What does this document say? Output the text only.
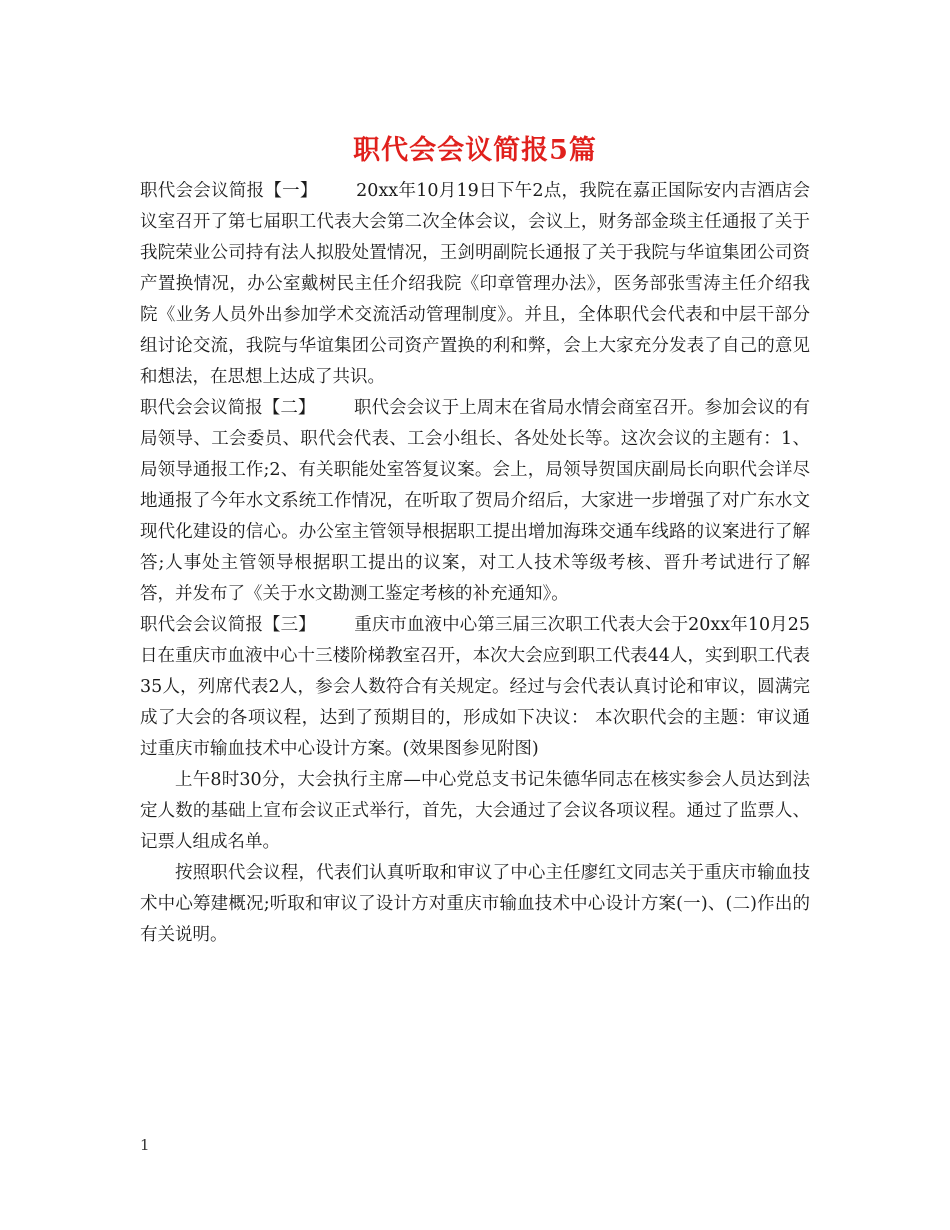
职代会会议简报5篇

职代会会议简报【一】 20xx年10月19日下午2点，我院在嘉正国际安内吉酒店会议室召开了第七届职工代表大会第二次全体会议，会议上，财务部金琰主任通报了关于我院荣业公司持有法人拟股处置情况，王剑明副院长通报了关于我院与华谊集团公司资产置换情况，办公室戴树民主任介绍我院《印章管理办法》，医务部张雪涛主任介绍我院《业务人员外出参加学术交流活动管理制度》。并且，全体职代会代表和中层干部分组讨论交流，我院与华谊集团公司资产置换的利和弊，会上大家充分发表了自己的意见和想法，在思想上达成了共识。

职代会会议简报【二】 职代会会议于上周末在省局水情会商室召开。参加会议的有局领导、工会委员、职代会代表、工会小组长、各处处长等。这次会议的主题有：1、局领导通报工作;2、有关职能处室答复议案。会上，局领导贺国庆副局长向职代会详尽地通报了今年水文系统工作情况，在听取了贺局介绍后，大家进一步增强了对广东水文现代化建设的信心。办公室主管领导根据职工提出增加海珠交通车线路的议案进行了解答;人事处主管领导根据职工提出的议案，对工人技术等级考核、晋升考试进行了解答，并发布了《关于水文勘测工鉴定考核的补充通知》。

职代会会议简报【三】 重庆市血液中心第三届三次职工代表大会于20xx年10月25日在重庆市血液中心十三楼阶梯教室召开，本次大会应到职工代表44人，实到职工代表35人，列席代表2人，参会人数符合有关规定。经过与会代表认真讨论和审议，圆满完成了大会的各项议程，达到了预期目的，形成如下决议： 本次职代会的主题：审议通过重庆市输血技术中心设计方案。(效果图参见附图)

上午8时30分，大会执行主席—中心党总支书记朱德华同志在核实参会人员达到法定人数的基础上宣布会议正式举行，首先，大会通过了会议各项议程。通过了监票人、记票人组成名单。

按照职代会议程，代表们认真听取和审议了中心主任廖红文同志关于重庆市输血技术中心筹建概况;听取和审议了设计方对重庆市输血技术中心设计方案(一)、(二)作出的有关说明。

1
